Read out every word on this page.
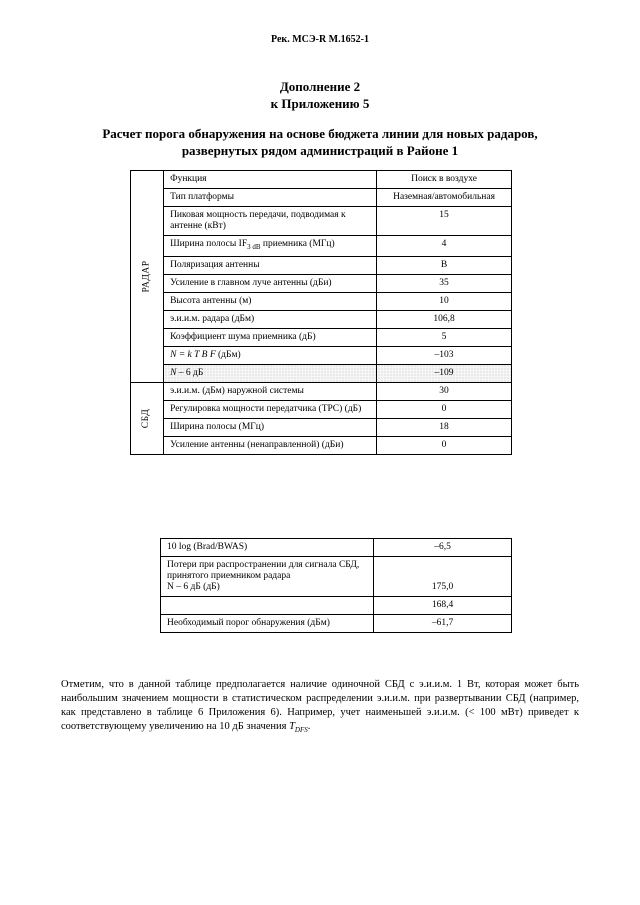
Рек. МСЭ-R M.1652-1
Дополнение 2
к Приложению 5
Расчет порога обнаружения на основе бюджета линии для новых радаров,
развернутых рядом администраций в Районе 1
РАДАР	Функция	Поиск в воздухе
	Тип платформы	Наземная/автомобильная
	Пиковая мощность передачи, подводимая к антенне (кВт)	15
	Ширина полосы $IF_{3 dB}$ приемника (МГц)	4
	Поляризация антенны	В
	Усиление в главном луче антенны (дБи)	35
	Высота антенны (м)	10
	э.и.и.м. радара (дБм)	106,8
	Коэффициент шума приемника (дБ)	5
	N = k T B F (дБм)	–103
	N – 6 дБ	–109
СБД	э.и.и.м. (дБм) наружной системы	30
	Регулировка мощности передатчика (TPC) (дБ)	0
	Ширина полосы (МГц)	18
	Усиление антенны (ненаправленной) (дБи)	0
10 log (Brad/BWAS)	–6,5

Потери при распространении для сигнала СБД, принятого приемником радара
N – 6 дБ (дБ)	175,0
	168,4
Необходимый порог обнаружения (дБм)	–61,7
Отметим, что в данной таблице предполагается наличие одиночной СБД с э.и.и.м. 1 Вт, которая может быть наибольшим значением мощности в статистическом распределении э.и.и.м. при развертывании СБД (например, как представлено в таблице 6 Приложения 6). Например, учет наименьшей э.и.и.м. (< 100 мВт) приведет к соответствующему увеличению на 10 дБ значения $T_{DFS}$.
